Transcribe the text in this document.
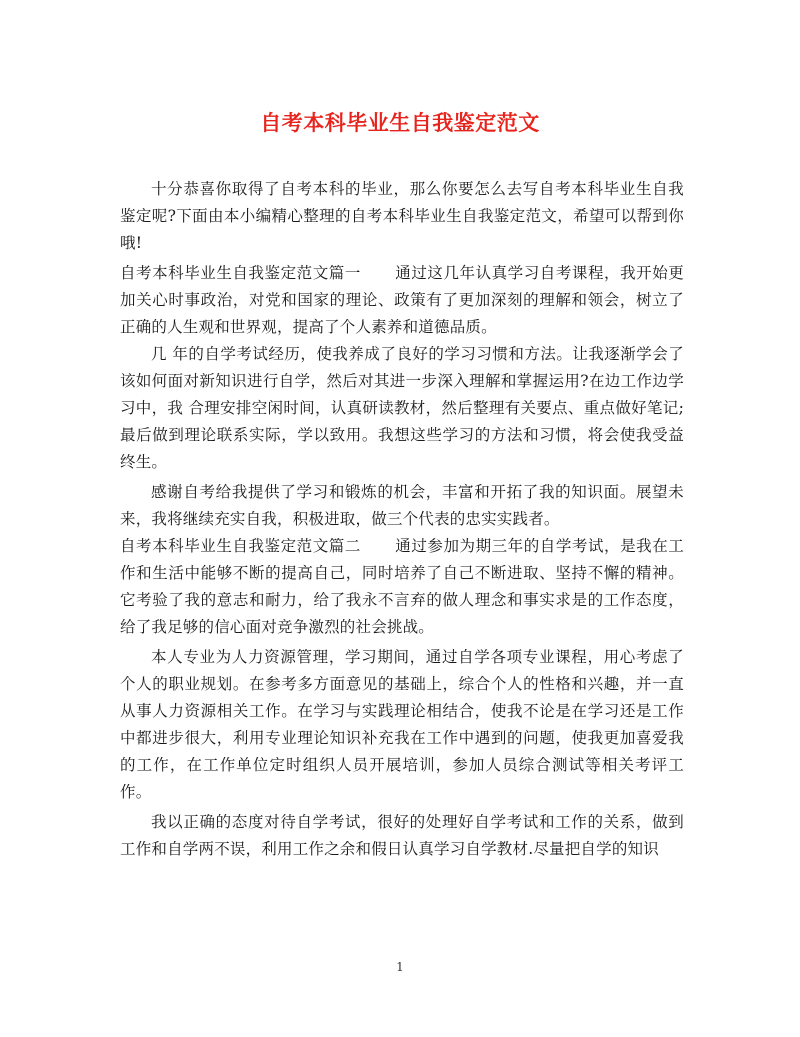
自考本科毕业生自我鉴定范文

十分恭喜你取得了自考本科的毕业，那么你要怎么去写自考本科毕业生自我鉴定呢?下面由本小编精心整理的自考本科毕业生自我鉴定范文，希望可以帮到你哦!

自考本科毕业生自我鉴定范文篇一 通过这几年认真学习自考课程，我开始更加关心时事政治，对党和国家的理论、政策有了更加深刻的理解和领会，树立了正确的人生观和世界观，提高了个人素养和道德品质。

几 年的自学考试经历，使我养成了良好的学习习惯和方法。让我逐渐学会了该如何面对新知识进行自学，然后对其进一步深入理解和掌握运用?在边工作边学习中，我 合理安排空闲时间，认真研读教材，然后整理有关要点、重点做好笔记;最后做到理论联系实际，学以致用。我想这些学习的方法和习惯，将会使我受益终生。

感谢自考给我提供了学习和锻炼的机会，丰富和开拓了我的知识面。展望未来，我将继续充实自我，积极进取，做三个代表的忠实实践者。

自考本科毕业生自我鉴定范文篇二 通过参加为期三年的自学考试，是我在工作和生活中能够不断的提高自己，同时培养了自己不断进取、坚持不懈的精神。它考验了我的意志和耐力，给了我永不言弃的做人理念和事实求是的工作态度，给了我足够的信心面对竞争激烈的社会挑战。

本人专业为人力资源管理，学习期间，通过自学各项专业课程，用心考虑了个人的职业规划。在参考多方面意见的基础上，综合个人的性格和兴趣，并一直从事人力资源相关工作。在学习与实践理论相结合，使我不论是在学习还是工作中都进步很大，利用专业理论知识补充我在工作中遇到的问题，使我更加喜爱我的工作，在工作单位定时组织人员开展培训，参加人员综合测试等相关考评工作。

我以正确的态度对待自学考试，很好的处理好自学考试和工作的关系，做到工作和自学两不误，利用工作之余和假日认真学习自学教材.尽量把自学的知识

1
